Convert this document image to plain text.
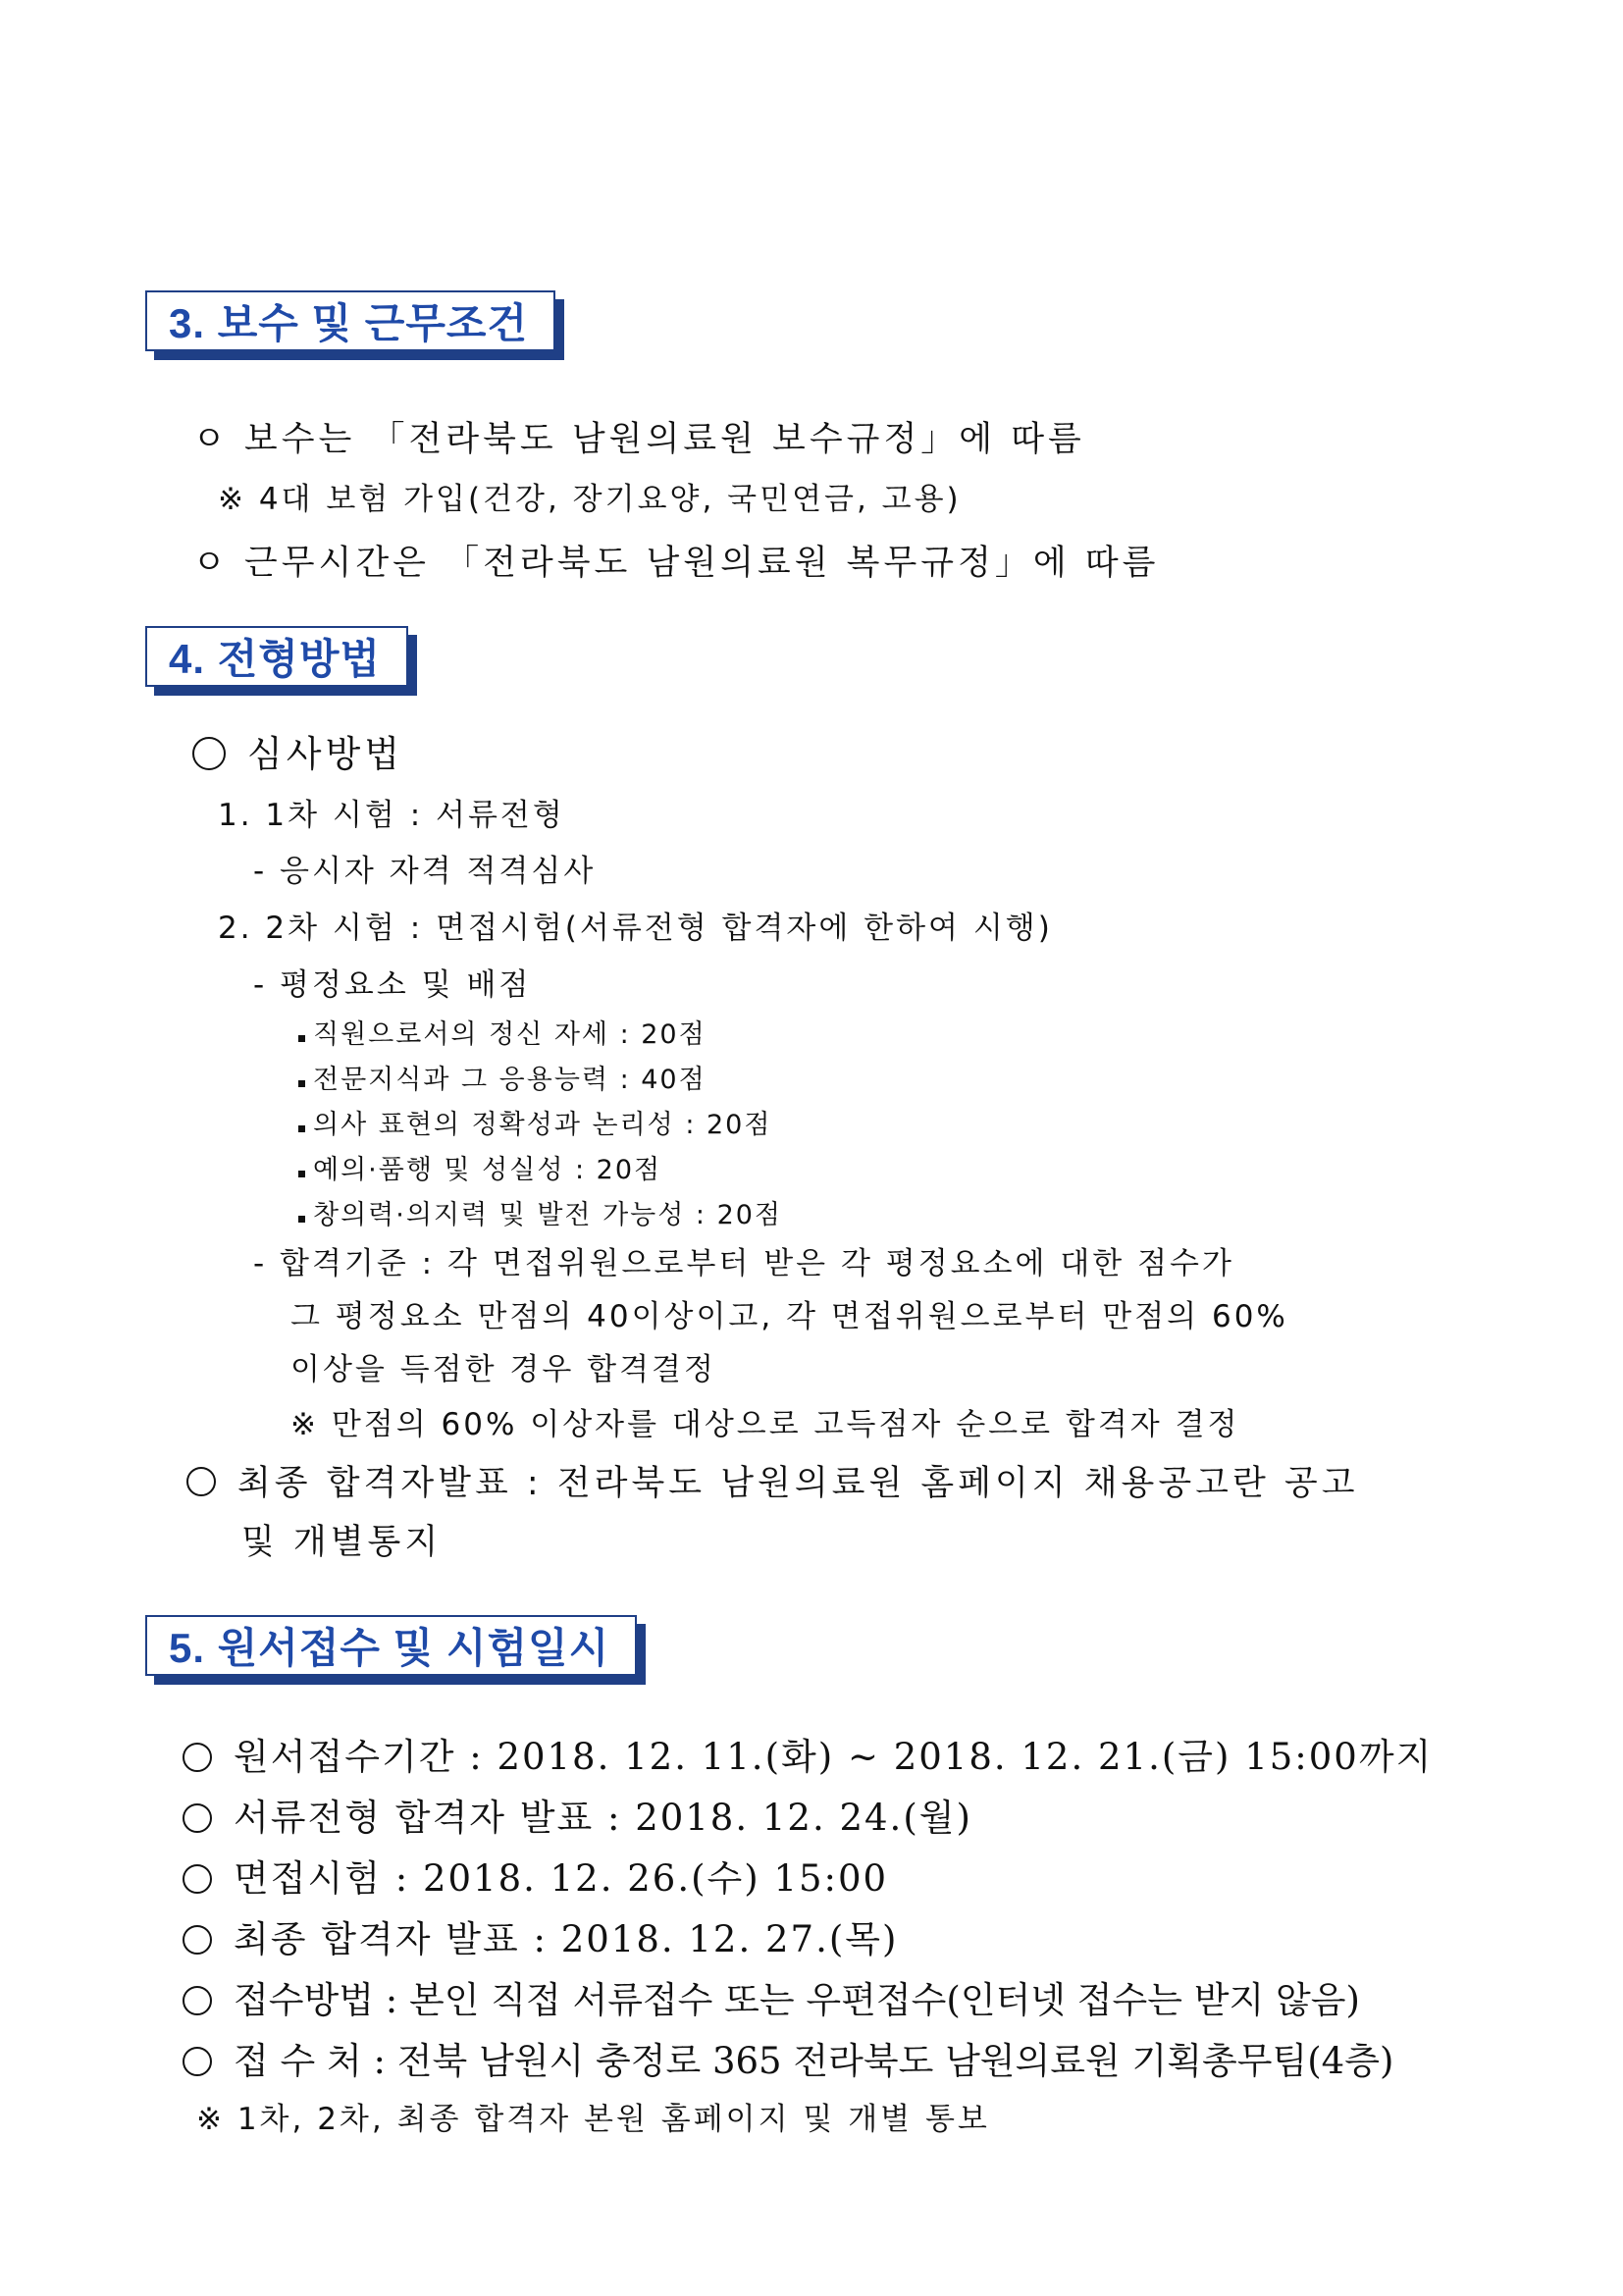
3. 보수 및 근무조건
ㅇ 보수는 「전라북도 남원의료원 보수규정」에 따름
※ 4대 보험 가입(건강, 장기요양, 국민연금, 고용)
ㅇ 근무시간은 「전라북도 남원의료원 복무규정」에 따름
4. 전형방법
심사방법
1. 1차 시험 : 서류전형
- 응시자 자격 적격심사
2. 2차 시험 : 면접시험(서류전형 합격자에 한하여 시행)
- 평정요소 및 배점
직원으로서의 정신 자세 : 20점
전문지식과 그 응용능력 : 40점
의사 표현의 정확성과 논리성 : 20점
예의·품행 및 성실성 : 20점
창의력·의지력 및 발전 가능성 : 20점
- 합격기준 : 각 면접위원으로부터 받은 각 평정요소에 대한 점수가
그 평정요소 만점의 40이상이고, 각 면접위원으로부터 만점의 60%
이상을 득점한 경우 합격결정
※ 만점의 60% 이상자를 대상으로 고득점자 순으로 합격자 결정
최종 합격자발표 : 전라북도 남원의료원 홈페이지 채용공고란 공고
및 개별통지
5. 원서접수 및 시험일시
원서접수기간 : 2018. 12. 11.(화) ~ 2018. 12. 21.(금) 15:00까지
서류전형 합격자 발표 : 2018. 12. 24.(월)
면접시험 : 2018. 12. 26.(수) 15:00
최종 합격자 발표 : 2018. 12. 27.(목)
접수방법 : 본인 직접 서류접수 또는 우편접수(인터넷 접수는 받지 않음)
접 수 처 : 전북 남원시 충정로 365 전라북도 남원의료원 기획총무팀(4층)
※ 1차, 2차, 최종 합격자 본원 홈페이지 및 개별 통보
